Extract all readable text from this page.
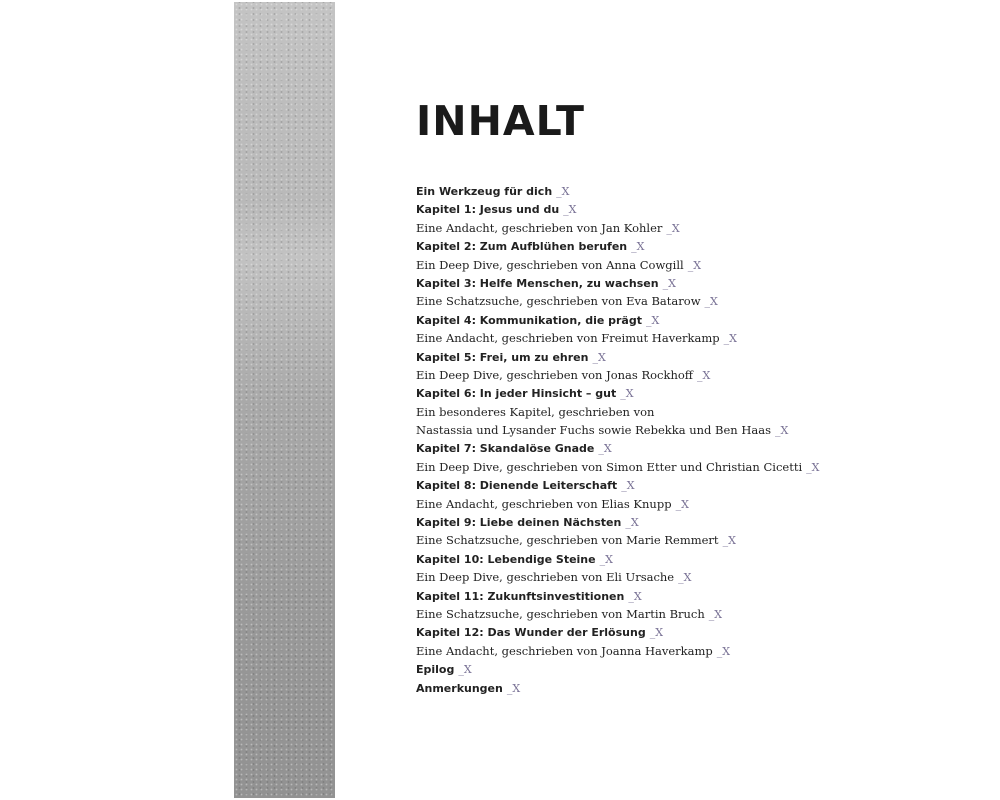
INHALT
Ein Werkzeug für dich _X
Kapitel 1: Jesus und du _X
Eine Andacht, geschrieben von Jan Kohler _X
Kapitel 2: Zum Aufblühen berufen _X
Ein Deep Dive, geschrieben von Anna Cowgill _X
Kapitel 3: Helfe Menschen, zu wachsen _X
Eine Schatzsuche, geschrieben von Eva Batarow _X
Kapitel 4: Kommunikation, die prägt _X
Eine Andacht, geschrieben von Freimut Haverkamp _X
Kapitel 5: Frei, um zu ehren _X
Ein Deep Dive, geschrieben von Jonas Rockhoff _X
Kapitel 6: In jeder Hinsicht – gut _X
Ein besonderes Kapitel, geschrieben von
Nastassia und Lysander Fuchs sowie Rebekka und Ben Haas _X
Kapitel 7: Skandalöse Gnade _X
Ein Deep Dive, geschrieben von Simon Etter und Christian Cicetti _X
Kapitel 8: Dienende Leiterschaft _X
Eine Andacht, geschrieben von Elias Knupp _X
Kapitel 9: Liebe deinen Nächsten _X
Eine Schatzsuche, geschrieben von Marie Remmert _X
Kapitel 10: Lebendige Steine _X
Ein Deep Dive, geschrieben von Eli Ursache _X
Kapitel 11: Zukunftsinvestitionen _X
Eine Schatzsuche, geschrieben von Martin Bruch _X
Kapitel 12: Das Wunder der Erlösung _X
Eine Andacht, geschrieben von Joanna Haverkamp _X
Epilog _X
Anmerkungen _X
